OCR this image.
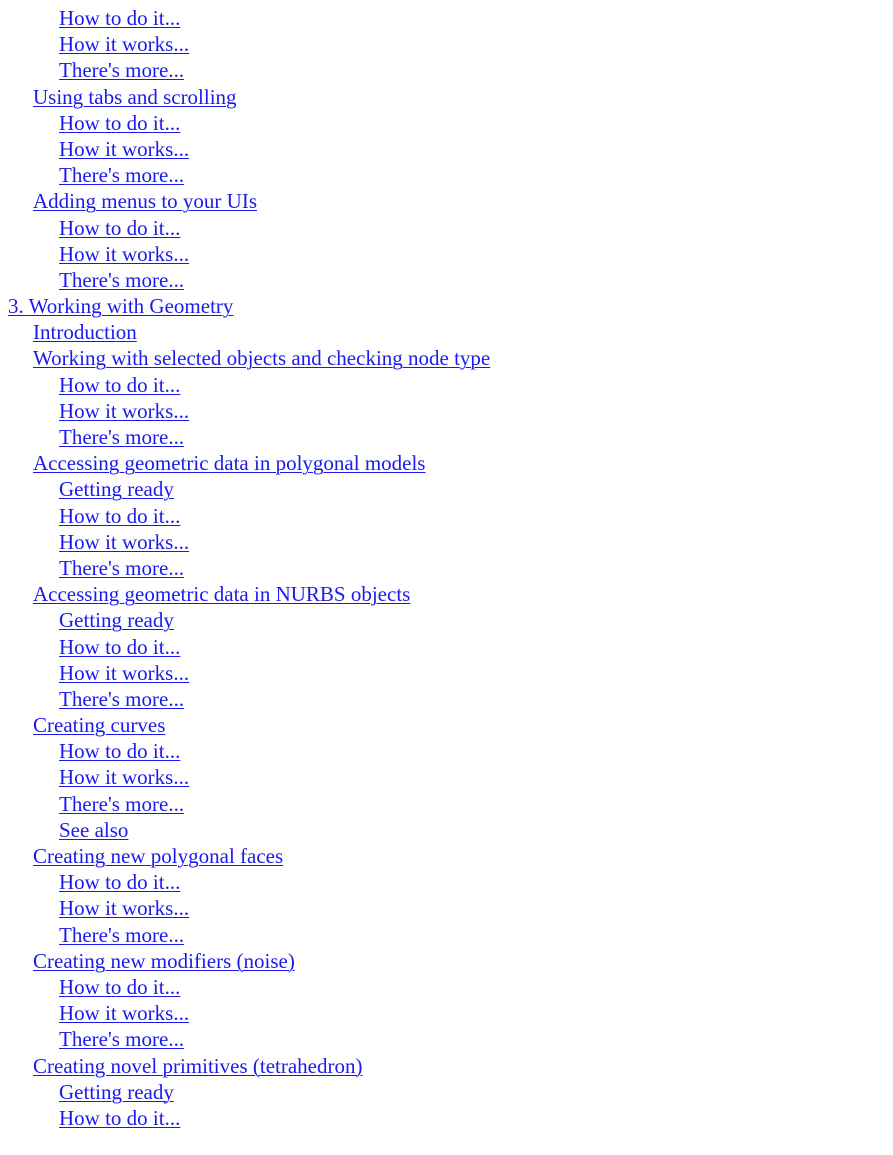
How to do it...
How it works...
There's more...
Using tabs and scrolling
How to do it...
How it works...
There's more...
Adding menus to your UIs
How to do it...
How it works...
There's more...
3. Working with Geometry
Introduction
Working with selected objects and checking node type
How to do it...
How it works...
There's more...
Accessing geometric data in polygonal models
Getting ready
How to do it...
How it works...
There's more...
Accessing geometric data in NURBS objects
Getting ready
How to do it...
How it works...
There's more...
Creating curves
How to do it...
How it works...
There's more...
See also
Creating new polygonal faces
How to do it...
How it works...
There's more...
Creating new modifiers (noise)
How to do it...
How it works...
There's more...
Creating novel primitives (tetrahedron)
Getting ready
How to do it...
